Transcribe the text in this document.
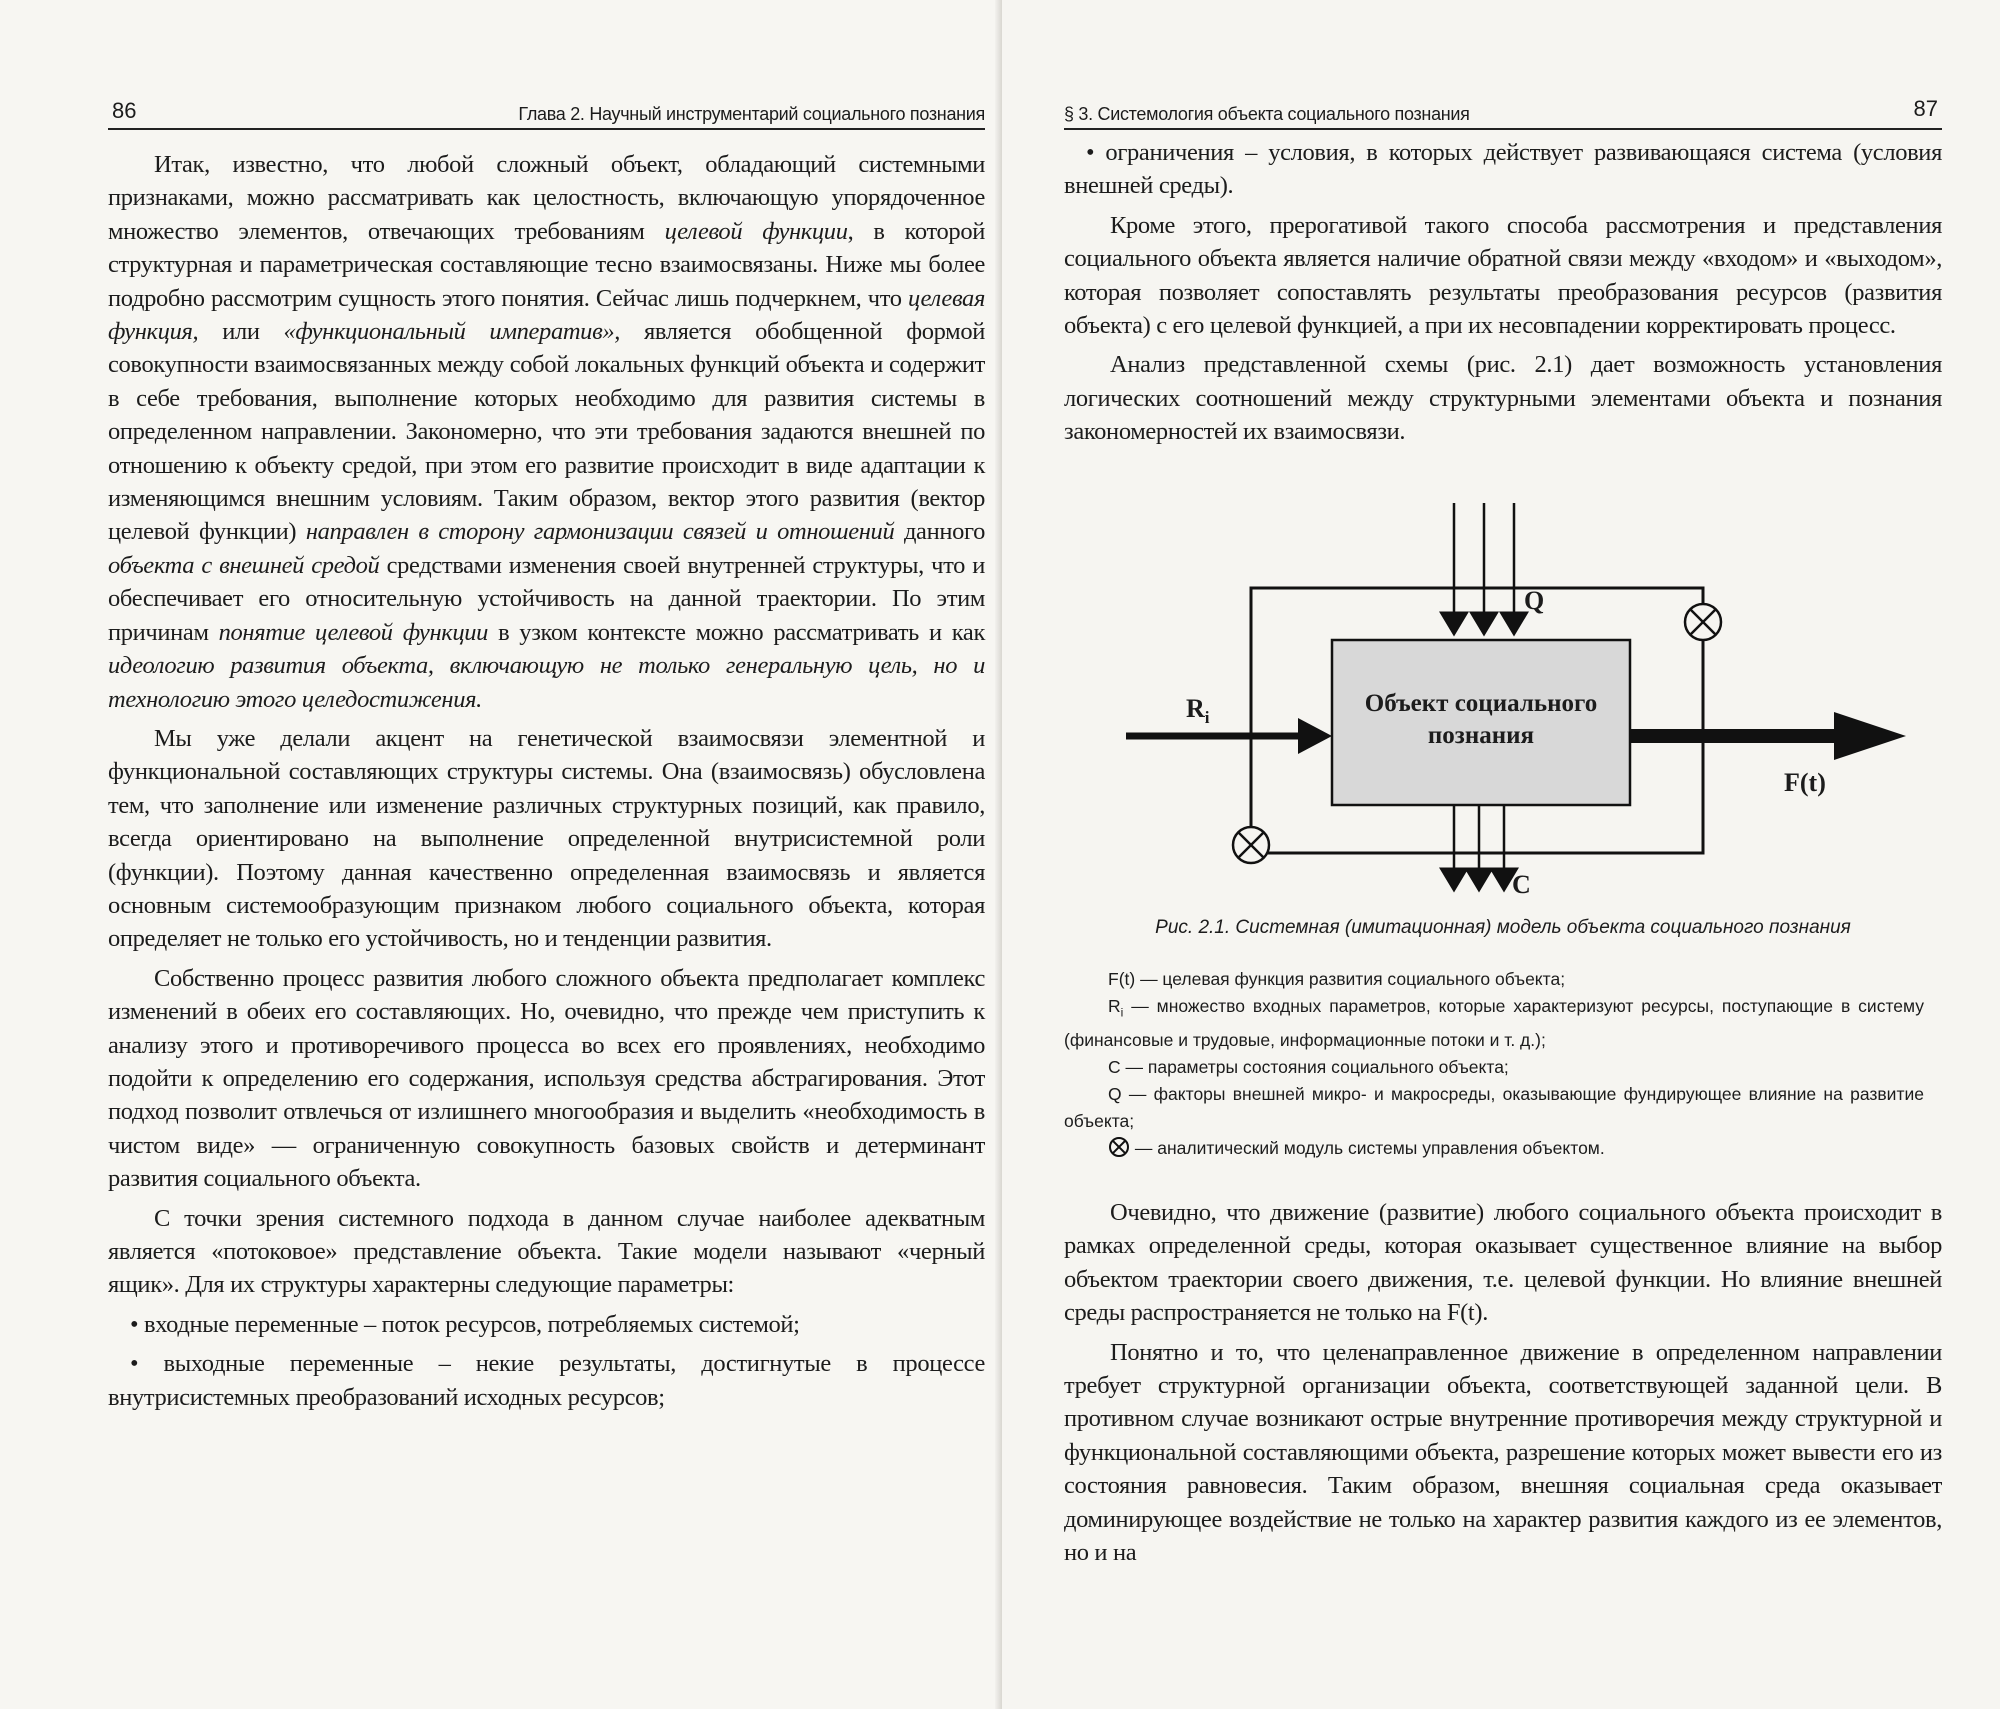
86	Глава 2. Научный инструментарий социального познания

Итак, известно, что любой сложный объект, обладающий системными признаками, можно рассматривать как целостность, включающую упорядоченное множество элементов, отвечающих требованиям целевой функции, в которой структурная и параметрическая составляющие тесно взаимосвязаны. Ниже мы более подробно рассмотрим сущность этого понятия. Сейчас лишь подчеркнем, что целевая функция, или «функциональный императив», является обобщенной формой совокупности взаимосвязанных между собой локальных функций объекта и содержит в себе требования, выполнение которых необходимо для развития системы в определенном направлении. Закономерно, что эти требования задаются внешней по отношению к объекту средой, при этом его развитие происходит в виде адаптации к изменяющимся внешним условиям. Таким образом, вектор этого развития (вектор целевой функции) направлен в сторону гармонизации связей и отношений данного объекта с внешней средой средствами изменения своей внутренней структуры, что и обеспечивает его относительную устойчивость на данной траектории. По этим причинам понятие целевой функции в узком контексте можно рассматривать и как идеологию развития объекта, включающую не только генеральную цель, но и технологию этого целедостижения.

Мы уже делали акцент на генетической взаимосвязи элементной и функциональной составляющих структуры системы. Она (взаимосвязь) обусловлена тем, что заполнение или изменение различных структурных позиций, как правило, всегда ориентировано на выполнение определенной внутрисистемной роли (функции). Поэтому данная качественно определенная взаимосвязь и является основным системообразующим признаком любого социального объекта, которая определяет не только его устойчивость, но и тенденции развития.

Собственно процесс развития любого сложного объекта предполагает комплекс изменений в обеих его составляющих. Но, очевидно, что прежде чем приступить к анализу этого и противоречивого процесса во всех его проявлениях, необходимо подойти к определению его содержания, используя средства абстрагирования. Этот подход позволит отвлечься от излишнего многообразия и выделить «необходимость в чистом виде» — ограниченную совокупность базовых свойств и детерминант развития социального объекта.

С точки зрения системного подхода в данном случае наиболее адекватным является «потоковое» представление объекта. Такие модели называют «черный ящик». Для их структуры характерны следующие параметры:

• входные переменные – поток ресурсов, потребляемых системой;

• выходные переменные – некие результаты, достигнутые в процессе внутрисистемных преобразований исходных ресурсов;

§ 3. Системология объекта социального познания	87

• ограничения – условия, в которых действует развивающаяся система (условия внешней среды).

Кроме этого, прерогативой такого способа рассмотрения и представления социального объекта является наличие обратной связи между «входом» и «выходом», которая позволяет сопоставлять результаты преобразования ресурсов (развития объекта) с его целевой функцией, а при их несовпадении корректировать процесс.

Анализ представленной схемы (рис. 2.1) дает возможность установления логических соотношений между структурными элементами объекта и познания закономерностей их взаимосвязи.

Объект социального
познания
$R_i$
Q
C
F(t)
Рис. 2.1. Системная (имитационная) модель объекта социального познания
F(t) — целевая функция развития социального объекта;
$R_i$ — множество входных параметров, которые характеризуют ресурсы, поступающие в систему (финансовые и трудовые, информационные потоки и т. д.);
C — параметры состояния социального объекта;
Q — факторы внешней микро- и макросреды, оказывающие фундирующее влияние на развитие объекта;
— аналитический модуль системы управления объектом.

Очевидно, что движение (развитие) любого социального объекта происходит в рамках определенной среды, которая оказывает существенное влияние на выбор объектом траектории своего движения, т.е. целевой функции. Но влияние внешней среды распространяется не только на F(t).

Понятно и то, что целенаправленное движение в определенном направлении требует структурной организации объекта, соответствующей заданной цели. В противном случае возникают острые внутренние противоречия между структурной и функциональной составляющими объекта, разрешение которых может вывести его из состояния равновесия. Таким образом, внешняя социальная среда оказывает доминирующее воздействие не только на характер развития каждого из ее элементов, но и на
